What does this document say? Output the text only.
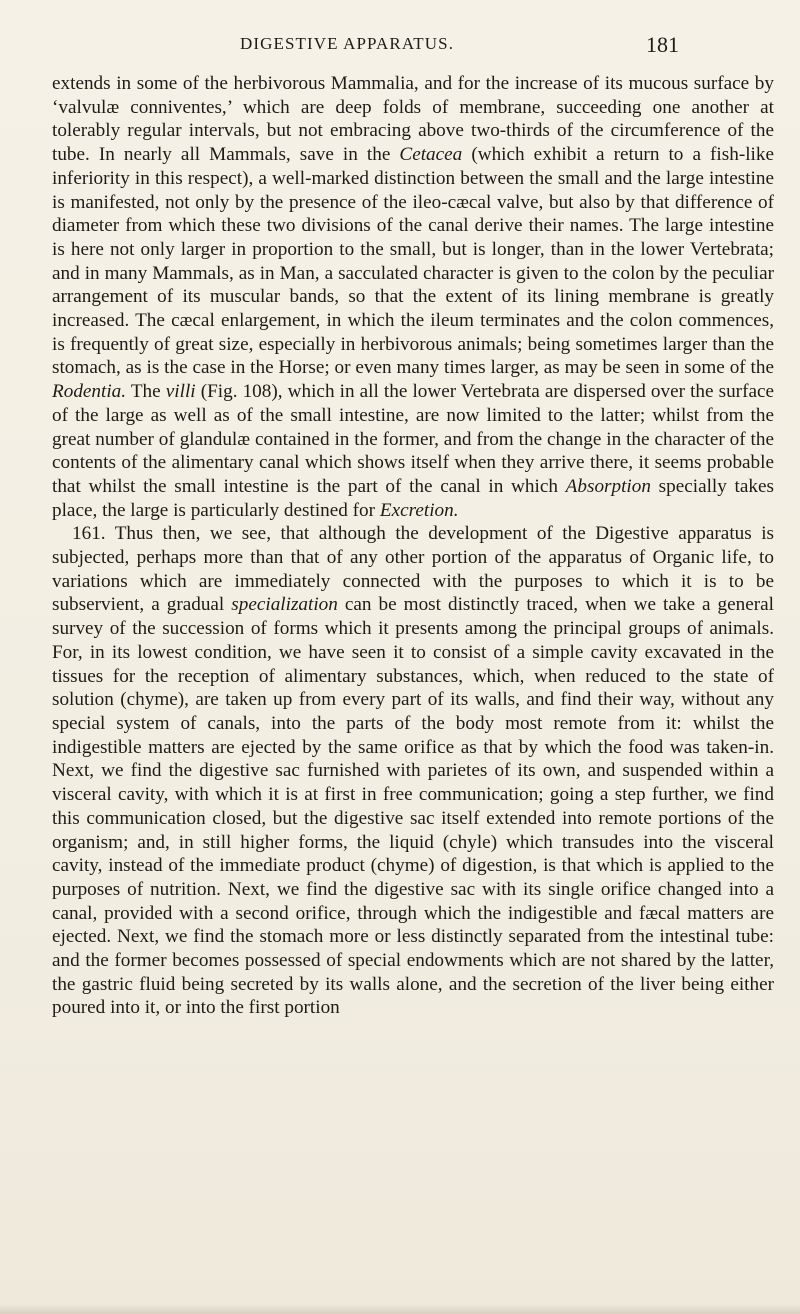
DIGESTIVE APPARATUS.	181

extends in some of the herbivorous Mammalia, and for the increase of its mucous surface by ‘valvulæ conniventes,’ which are deep folds of membrane, succeeding one another at tolerably regular intervals, but not embracing above two-thirds of the circumference of the tube. In nearly all Mammals, save in the Cetacea (which exhibit a return to a fish-like inferiority in this respect), a well-marked distinction between the small and the large intestine is manifested, not only by the presence of the ileo-cæcal valve, but also by that difference of diameter from which these two divisions of the canal derive their names. The large intestine is here not only larger in proportion to the small, but is longer, than in the lower Vertebrata; and in many Mammals, as in Man, a sacculated character is given to the colon by the peculiar arrangement of its muscular bands, so that the extent of its lining membrane is greatly increased. The cæcal enlargement, in which the ileum terminates and the colon commences, is frequently of great size, especially in herbivorous animals; being sometimes larger than the stomach, as is the case in the Horse; or even many times larger, as may be seen in some of the Rodentia. The villi (Fig. 108), which in all the lower Vertebrata are dispersed over the surface of the large as well as of the small intestine, are now limited to the latter; whilst from the great number of glandulæ contained in the former, and from the change in the character of the contents of the alimentary canal which shows itself when they arrive there, it seems probable that whilst the small intestine is the part of the canal in which Absorption specially takes place, the large is particularly destined for Excretion.

161. Thus then, we see, that although the development of the Digestive apparatus is subjected, perhaps more than that of any other portion of the apparatus of Organic life, to variations which are immediately connected with the purposes to which it is to be subservient, a gradual specialization can be most distinctly traced, when we take a general survey of the succession of forms which it presents among the principal groups of animals. For, in its lowest condition, we have seen it to consist of a simple cavity excavated in the tissues for the reception of alimentary substances, which, when reduced to the state of solution (chyme), are taken up from every part of its walls, and find their way, without any special system of canals, into the parts of the body most remote from it: whilst the indigestible matters are ejected by the same orifice as that by which the food was taken-in. Next, we find the digestive sac furnished with parietes of its own, and suspended within a visceral cavity, with which it is at first in free communication; going a step further, we find this communication closed, but the digestive sac itself extended into remote portions of the organism; and, in still higher forms, the liquid (chyle) which transudes into the visceral cavity, instead of the immediate product (chyme) of digestion, is that which is applied to the purposes of nutrition. Next, we find the digestive sac with its single orifice changed into a canal, provided with a second orifice, through which the indigestible and fæcal matters are ejected. Next, we find the stomach more or less distinctly separated from the intestinal tube: and the former becomes possessed of special endowments which are not shared by the latter, the gastric fluid being secreted by its walls alone, and the secretion of the liver being either poured into it, or into the first portion
